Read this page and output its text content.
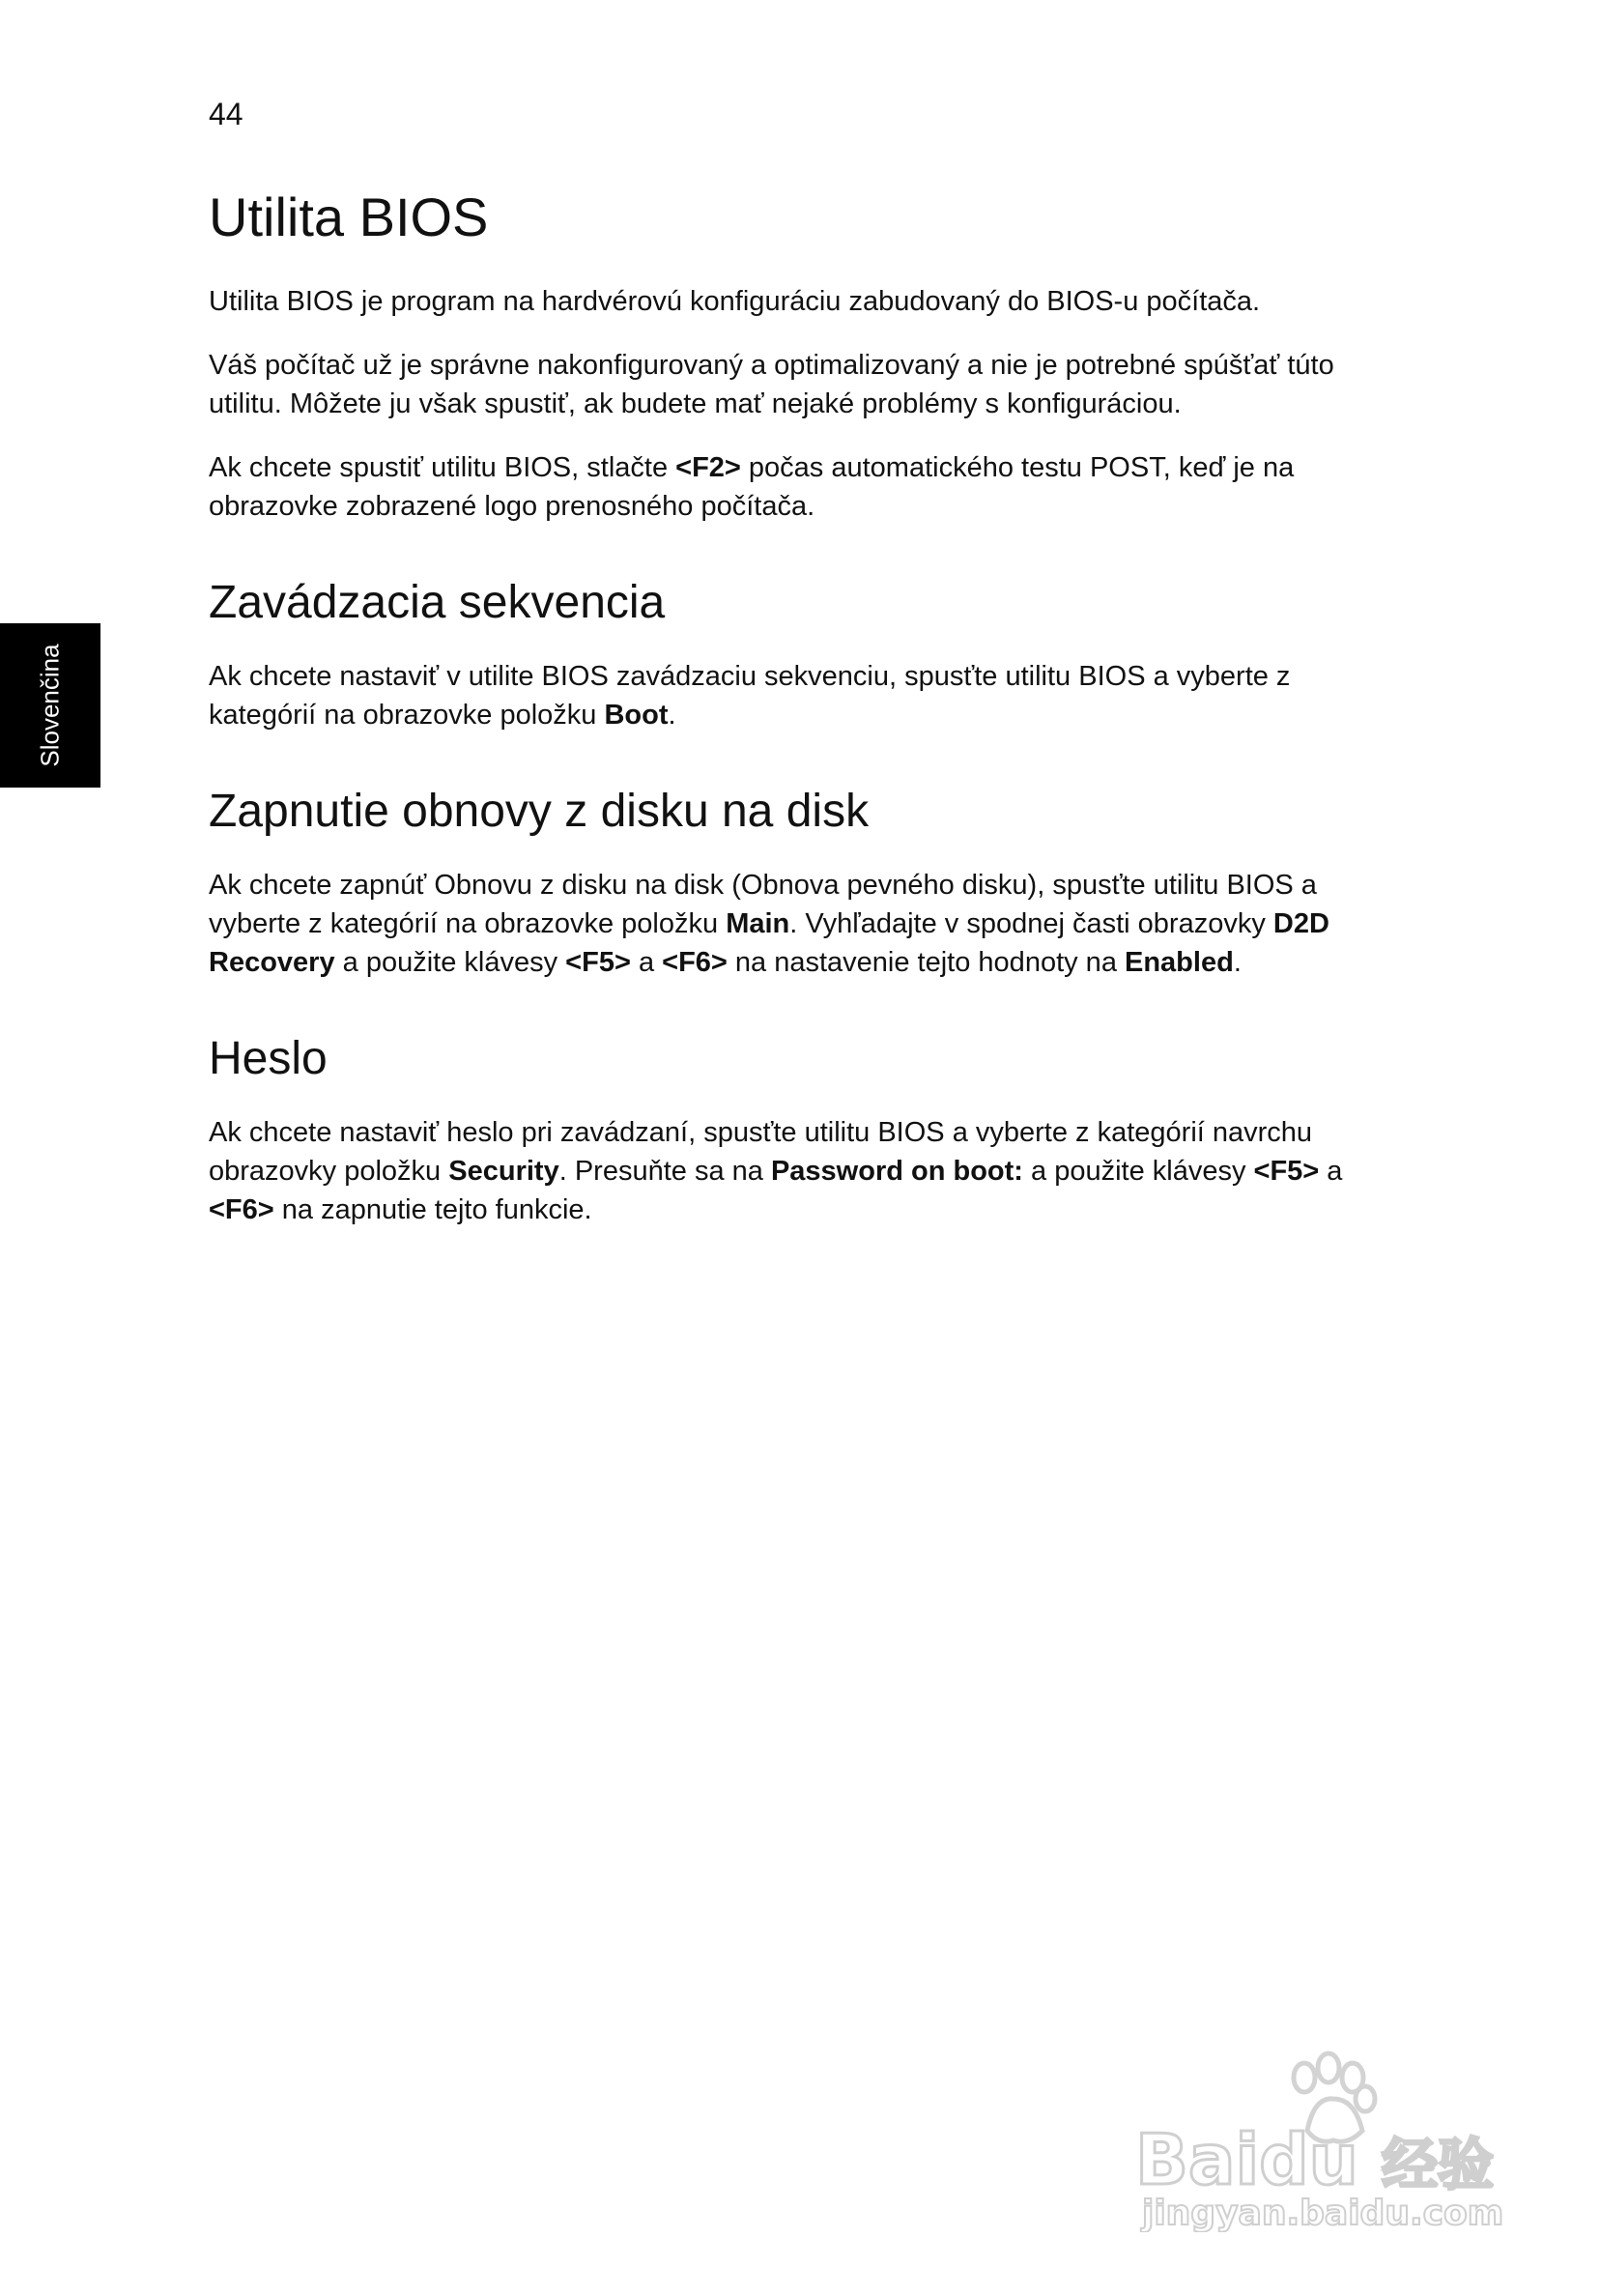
44
Slovenčina
Utilita BIOS

Utilita BIOS je program na hardvérovú konfiguráciu zabudovaný do BIOS-u počítača.

Váš počítač už je správne nakonfigurovaný a optimalizovaný a nie je potrebné spúšťať túto utilitu. Môžete ju však spustiť, ak budete mať nejaké problémy s konfiguráciou.

Ak chcete spustiť utilitu BIOS, stlačte <F2> počas automatického testu POST, keď je na obrazovke zobrazené logo prenosného počítača.

Zavádzacia sekvencia

Ak chcete nastaviť v utilite BIOS zavádzaciu sekvenciu, spusťte utilitu BIOS a vyberte z kategórií na obrazovke položku Boot.

Zapnutie obnovy z disku na disk

Ak chcete zapnúť Obnovu z disku na disk (Obnova pevného disku), spusťte utilitu BIOS a vyberte z kategórií na obrazovke položku Main. Vyhľadajte v spodnej časti obrazovky D2D Recovery a použite klávesy <F5> a <F6> na nastavenie tejto hodnoty na Enabled.

Heslo

Ak chcete nastaviť heslo pri zavádzaní, spusťte utilitu BIOS a vyberte z kategórií navrchu obrazovky položku Security. Presuňte sa na Password on boot: a použite klávesy <F5> a <F6> na zapnutie tejto funkcie.

Baidu 经验
jingyan.baidu.com
